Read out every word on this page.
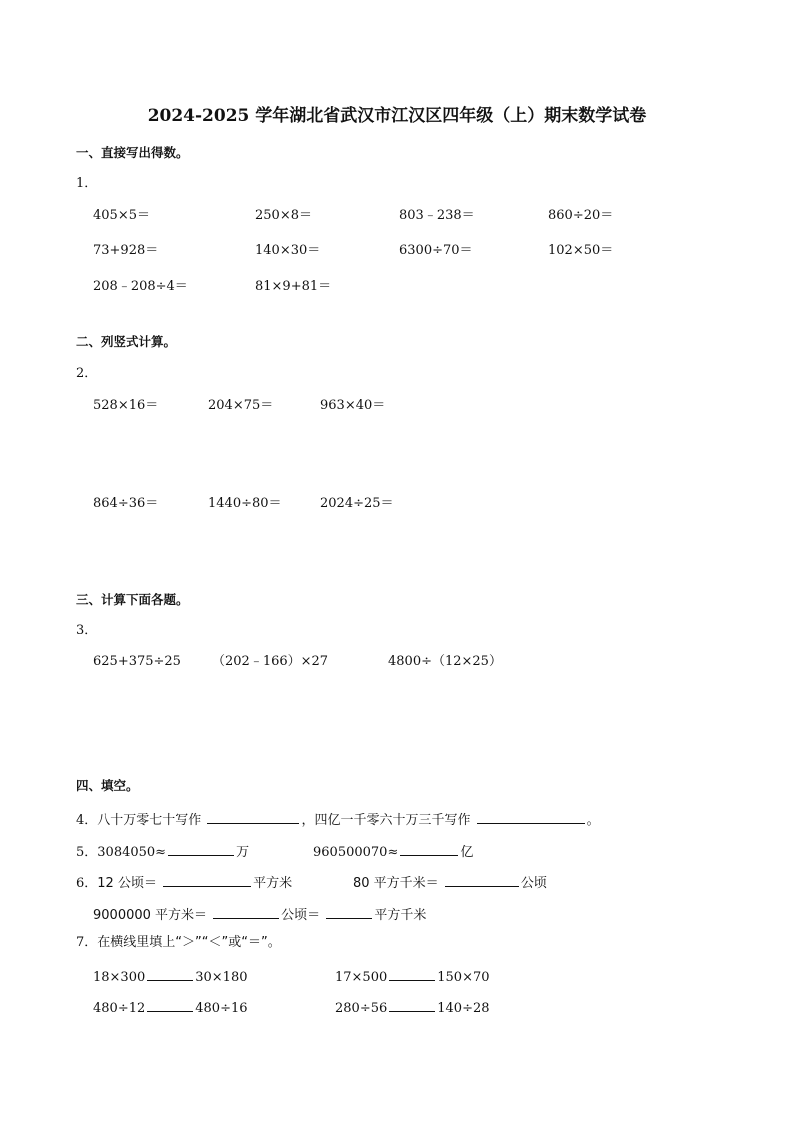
2024-2025 学年湖北省武汉市江汉区四年级（上）期末数学试卷
一、直接写出得数。
1．
405×5＝	250×8＝	803﹣238＝	860÷20＝
73+928＝	140×30＝	6300÷70＝	102×50＝
208﹣208÷4＝	81×9+81＝
二、列竖式计算。
2．
528×16＝	204×75＝	963×40＝
864÷36＝	1440÷80＝	2024÷25＝
三、计算下面各题。
3．
625+375÷25 （202﹣166）×27	4800÷（12×25）
四、填空。
4．八十万零七十写作	，四亿一千零六十万三千写作	。
5．3084050≈	万	960500070≈	亿
6．12 公顷＝	平方米	80 平方千米＝	公顷
9000000 平方米＝	公顷＝	平方千米
7．在横线里填上“＞”“＜”或“＝”。
18×300	30×180	17×500	150×70
480÷12	480÷16	280÷56	140÷28
